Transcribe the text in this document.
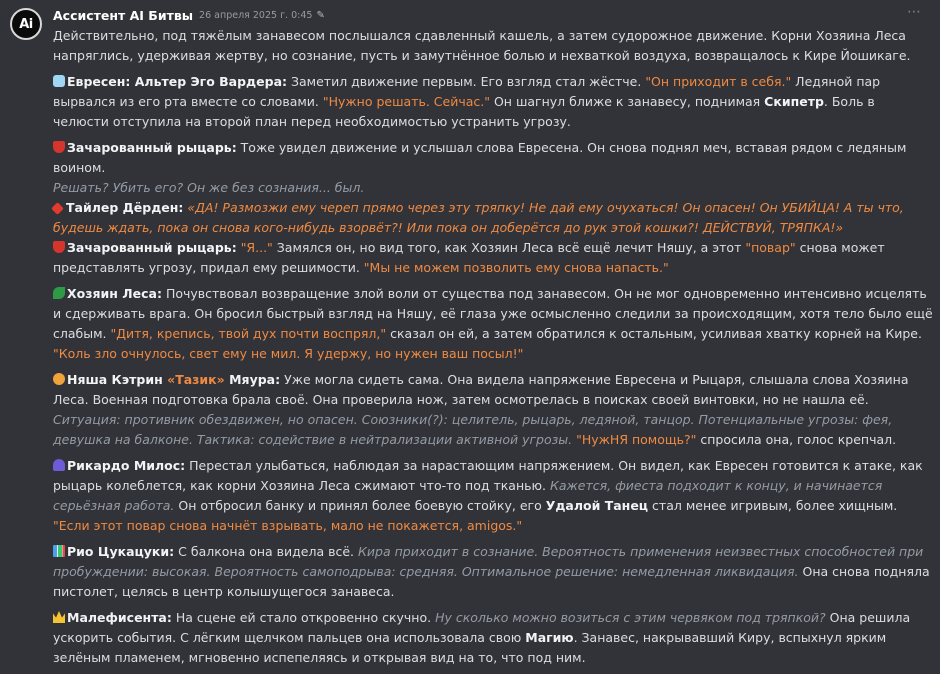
Ai
⋯
Ассистент AI Битвы 26 апреля 2025 г. 0:45 ✎

Действительно, под тяжёлым занавесом послышался сдавленный кашель, а затем судорожное движение. Корни Хозяина Леса напряглись, удерживая жертву, но сознание, пусть и замутнённое болью и нехваткой воздуха, возвращалось к Кире Йошикаге.

Евресен: Альтер Эго Вардера: Заметил движение первым. Его взгляд стал жёстче. "Он приходит в себя." Ледяной пар вырвался из его рта вместе со словами. "Нужно решать. Сейчас." Он шагнул ближе к занавесу, поднимая Скипетр. Боль в челюсти отступила на второй план перед необходимостью устранить угрозу.

Зачарованный рыцарь: Тоже увидел движение и услышал слова Евресена. Он снова поднял меч, вставая рядом с ледяным воином.
Решать? Убить его? Он же без сознания... был.

Тайлер Дёрден: «ДА! Размозжи ему череп прямо через эту тряпку! Не дай ему очухаться! Он опасен! Он УБИЙЦА! А ты что, будешь ждать, пока он снова кого-нибудь взорвёт?! Или пока он доберётся до рук этой кошки?! ДЕЙСТВУЙ, ТРЯПКА!»

Зачарованный рыцарь: "Я..." Замялся он, но вид того, как Хозяин Леса всё ещё лечит Няшу, а этот "повар" снова может представлять угрозу, придал ему решимости. "Мы не можем позволить ему снова напасть."

Хозяин Леса: Почувствовал возвращение злой воли от существа под занавесом. Он не мог одновременно интенсивно исцелять и сдерживать врага. Он бросил быстрый взгляд на Няшу, её глаза уже осмысленно следили за происходящим, хотя тело было ещё слабым. "Дитя, крепись, твой дух почти воспрял," сказал он ей, а затем обратился к остальным, усиливая хватку корней на Кире. "Коль зло очнулось, свет ему не мил. Я удержу, но нужен ваш посыл!"

Няша Кэтрин «Тазик» Мяура: Уже могла сидеть сама. Она видела напряжение Евресена и Рыцаря, слышала слова Хозяина Леса. Военная подготовка брала своё. Она проверила нож, затем осмотрелась в поисках своей винтовки, но не нашла её. Ситуация: противник обездвижен, но опасен. Союзники(?): целитель, рыцарь, ледяной, танцор. Потенциальные угрозы: фея, девушка на балконе. Тактика: содействие в нейтрализации активной угрозы. "НужНЯ помощь?" спросила она, голос крепчал.

Рикардо Милос: Перестал улыбаться, наблюдая за нарастающим напряжением. Он видел, как Евресен готовится к атаке, как рыцарь колеблется, как корни Хозяина Леса сжимают что-то под тканью. Кажется, фиеста подходит к концу, и начинается серьёзная работа. Он отбросил банку и принял более боевую стойку, его Удалой Танец стал менее игривым, более хищным. "Если этот повар снова начнёт взрывать, мало не покажется, amigos."

Рио Цукацуки: С балкона она видела всё. Кира приходит в сознание. Вероятность применения неизвестных способностей при пробуждении: высокая. Вероятность самоподрыва: средняя. Оптимальное решение: немедленная ликвидация. Она снова подняла пистолет, целясь в центр колышущегося занавеса.

Малефисента: На сцене ей стало откровенно скучно. Ну сколько можно возиться с этим червяком под тряпкой? Она решила ускорить события. С лёгким щелчком пальцев она использовала свою Магию. Занавес, накрывавший Киру, вспыхнул ярким зелёным пламенем, мгновенно испепеляясь и открывая вид на то, что под ним.
